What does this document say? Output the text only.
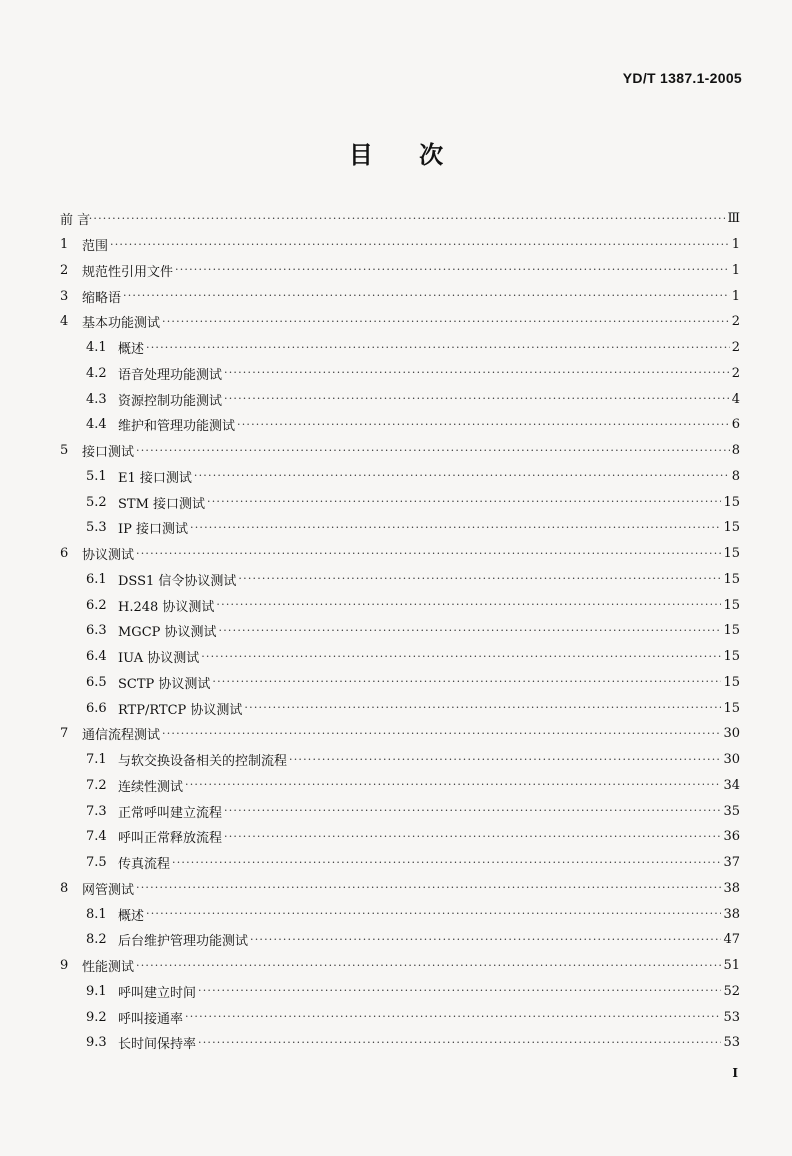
YD/T 1387.1-2005
目 次
前 言 ·····	Ⅲ
1	范围 ·····	1
2	规范性引用文件 ·····	1
3	缩略语 ·····	1
4	基本功能测试 ·····	2
4.1 概述 ·····	2
4.2 语音处理功能测试 ·····	2
4.3 资源控制功能测试 ·····	4
4.4 维护和管理功能测试 ·····	6
5	接口测试 ·····	8
5.1 E1 接口测试 ·····	8
5.2 STM 接口测试 ·····	15
5.3 IP 接口测试 ·····	15
6	协议测试 ·····	15
6.1 DSS1 信令协议测试 ·····	15
6.2 H.248 协议测试 ·····	15
6.3 MGCP 协议测试 ·····	15
6.4 IUA 协议测试 ·····	15
6.5 SCTP 协议测试 ·····	15
6.6 RTP/RTCP 协议测试 ·····	15
7	通信流程测试 ·····	30
7.1 与软交换设备相关的控制流程 ·····	30
7.2 连续性测试 ·····	34
7.3 正常呼叫建立流程 ·····	35
7.4 呼叫正常释放流程 ·····	36
7.5 传真流程 ·····	37
8	网管测试 ·····	38
8.1 概述 ·····	38
8.2 后台维护管理功能测试 ·····	47
9	性能测试 ·····	51
9.1 呼叫建立时间 ·····	52
9.2 呼叫接通率 ·····	53
9.3 长时间保持率 ·····	53
I
